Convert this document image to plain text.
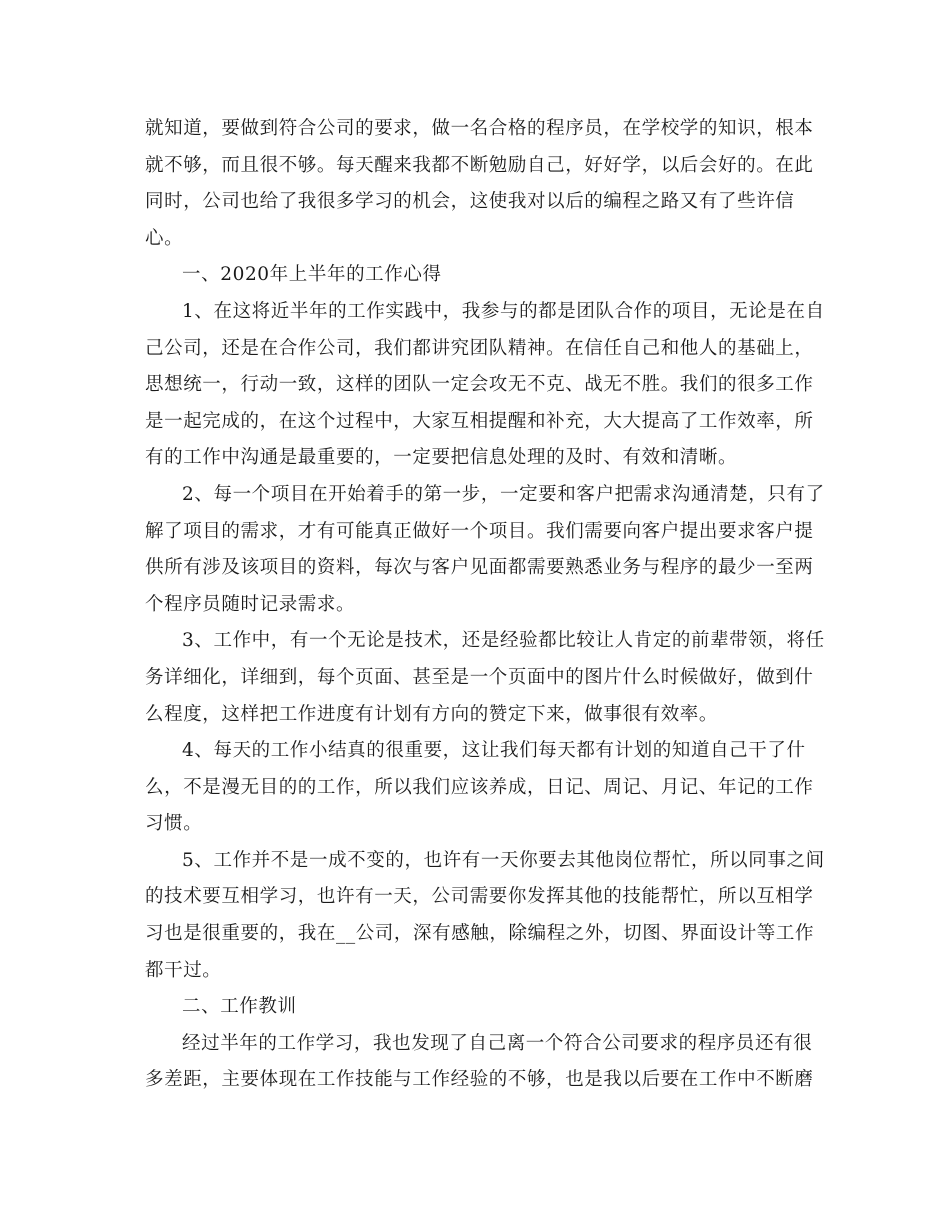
就知道，要做到符合公司的要求，做一名合格的程序员，在学校学的知识，根本
就不够，而且很不够。每天醒来我都不断勉励自己，好好学，以后会好的。在此
同时，公司也给了我很多学习的机会，这使我对以后的编程之路又有了些许信
心。
一、2020年上半年的工作心得
1、在这将近半年的工作实践中，我参与的都是团队合作的项目，无论是在自
己公司，还是在合作公司，我们都讲究团队精神。在信任自己和他人的基础上，
思想统一，行动一致，这样的团队一定会攻无不克、战无不胜。我们的很多工作
是一起完成的，在这个过程中，大家互相提醒和补充，大大提高了工作效率，所
有的工作中沟通是最重要的，一定要把信息处理的及时、有效和清晰。
2、每一个项目在开始着手的第一步，一定要和客户把需求沟通清楚，只有了
解了项目的需求，才有可能真正做好一个项目。我们需要向客户提出要求客户提
供所有涉及该项目的资料，每次与客户见面都需要熟悉业务与程序的最少一至两
个程序员随时记录需求。
3、工作中，有一个无论是技术，还是经验都比较让人肯定的前辈带领，将任
务详细化，详细到，每个页面、甚至是一个页面中的图片什么时候做好，做到什
么程度，这样把工作进度有计划有方向的赞定下来，做事很有效率。
4、每天的工作小结真的很重要，这让我们每天都有计划的知道自己干了什
么，不是漫无目的的工作，所以我们应该养成，日记、周记、月记、年记的工作
习惯。
5、工作并不是一成不变的，也许有一天你要去其他岗位帮忙，所以同事之间
的技术要互相学习，也许有一天，公司需要你发挥其他的技能帮忙，所以互相学
习也是很重要的，我在__公司，深有感触，除编程之外，切图、界面设计等工作
都干过。
二、工作教训
经过半年的工作学习，我也发现了自己离一个符合公司要求的程序员还有很
多差距，主要体现在工作技能与工作经验的不够，也是我以后要在工作中不断磨
